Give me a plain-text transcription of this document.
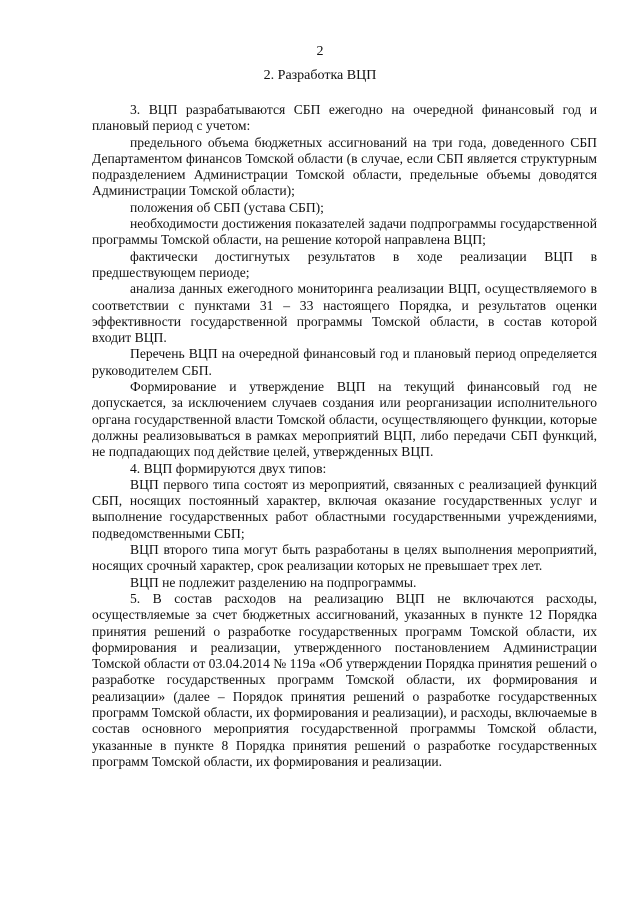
2
2. Разработка ВЦП

3. ВЦП разрабатываются СБП ежегодно на очередной финансовый год и плановый период с учетом:

предельного объема бюджетных ассигнований на три года, доведенного СБП Департаментом финансов Томской области (в случае, если СБП является структурным подразделением Администрации Томской области, предельные объемы доводятся Администрации Томской области);

положения об СБП (устава СБП);

необходимости достижения показателей задачи подпрограммы государственной программы Томской области, на решение которой направлена ВЦП;

фактически достигнутых результатов в ходе реализации ВЦП в предшествующем периоде;

анализа данных ежегодного мониторинга реализации ВЦП, осуществляемого в соответствии с пунктами 31 – 33 настоящего Порядка, и результатов оценки эффективности государственной программы Томской области, в состав которой входит ВЦП.

Перечень ВЦП на очередной финансовый год и плановый период определяется руководителем СБП.

Формирование и утверждение ВЦП на текущий финансовый год не допускается, за исключением случаев создания или реорганизации исполнительного органа государственной власти Томской области, осуществляющего функции, которые должны реализовываться в рамках мероприятий ВЦП, либо передачи СБП функций, не подпадающих под действие целей, утвержденных ВЦП.

4. ВЦП формируются двух типов:

ВЦП первого типа состоят из мероприятий, связанных с реализацией функций СБП, носящих постоянный характер, включая оказание государственных услуг и выполнение государственных работ областными государственными учреждениями, подведомственными СБП;

ВЦП второго типа могут быть разработаны в целях выполнения мероприятий, носящих срочный характер, срок реализации которых не превышает трех лет.

ВЦП не подлежит разделению на подпрограммы.

5. В состав расходов на реализацию ВЦП не включаются расходы, осуществляемые за счет бюджетных ассигнований, указанных в пункте 12 Порядка принятия решений о разработке государственных программ Томской области, их формирования и реализации, утвержденного постановлением Администрации Томской области от 03.04.2014 № 119а «Об утверждении Порядка принятия решений о разработке государственных программ Томской области, их формирования и реализации» (далее – Порядок принятия решений о разработке государственных программ Томской области, их формирования и реализации), и расходы, включаемые в состав основного мероприятия государственной программы Томской области, указанные в пункте 8 Порядка принятия решений о разработке государственных программ Томской области, их формирования и реализации.
